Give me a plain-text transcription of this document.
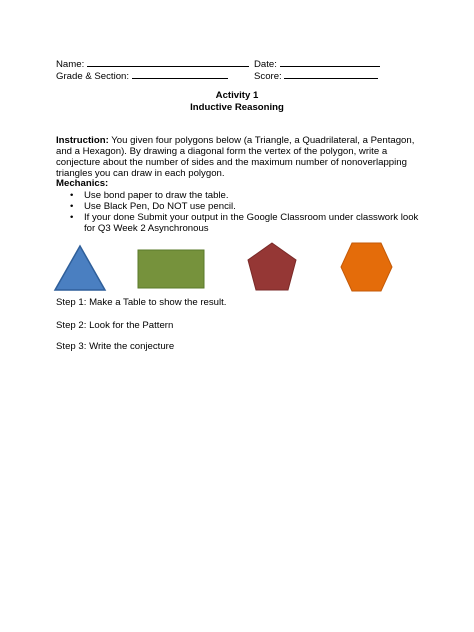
Name:	Date:
Grade & Section:	Score:
Activity 1
Inductive Reasoning
Instruction: You given four polygons below (a Triangle, a Quadrilateral, a Pentagon, and a Hexagon). By drawing a diagonal form the vertex of the polygon, write a conjecture about the number of sides and the maximum number of nonoverlapping triangles you can draw in each polygon.
Mechanics:
• Use bond paper to draw the table.
• Use Black Pen, Do NOT use pencil.
• If your done Submit your output in the Google Classroom under classwork look for Q3 Week 2 Asynchronous
Step 1: Make a Table to show the result.
Step 2: Look for the Pattern
Step 3: Write the conjecture
